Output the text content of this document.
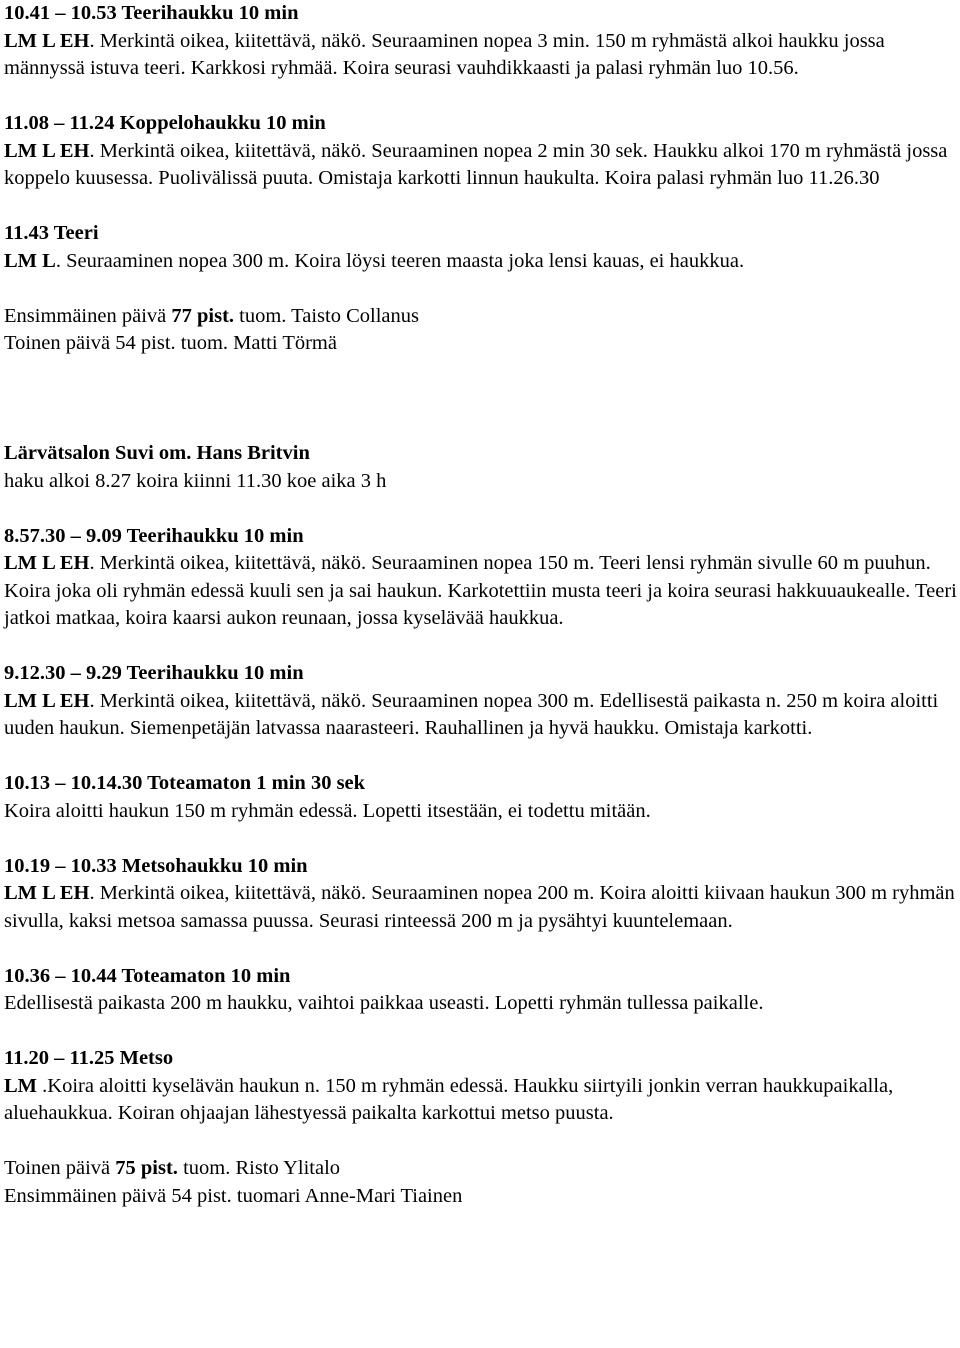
10.41 – 10.53 Teerihaukku 10 min

LM L EH. Merkintä oikea, kiitettävä, näkö. Seuraaminen nopea 3 min. 150 m ryhmästä alkoi haukku jossa männyssä istuva teeri. Karkkosi ryhmää. Koira seurasi vauhdikkaasti ja palasi ryhmän luo 10.56.

11.08 – 11.24 Koppelohaukku 10 min

LM L EH. Merkintä oikea, kiitettävä, näkö. Seuraaminen nopea 2 min 30 sek. Haukku alkoi 170 m ryhmästä jossa koppelo kuusessa. Puolivälissä puuta. Omistaja karkotti linnun haukulta. Koira palasi ryhmän luo 11.26.30

11.43 Teeri

LM L. Seuraaminen nopea 300 m. Koira löysi teeren maasta joka lensi kauas, ei haukkua.

Ensimmäinen päivä 77 pist. tuom. Taisto Collanus

Toinen päivä 54 pist. tuom. Matti Törmä

Lärvätsalon Suvi om. Hans Britvin

haku alkoi 8.27 koira kiinni 11.30 koe aika 3 h

8.57.30 – 9.09 Teerihaukku 10 min

LM L EH. Merkintä oikea, kiitettävä, näkö. Seuraaminen nopea 150 m. Teeri lensi ryhmän sivulle 60 m puuhun. Koira joka oli ryhmän edessä kuuli sen ja sai haukun. Karkotettiin musta teeri ja koira seurasi hakkuuaukealle. Teeri jatkoi matkaa, koira kaarsi aukon reunaan, jossa kyselävää haukkua.

9.12.30 – 9.29 Teerihaukku 10 min

LM L EH. Merkintä oikea, kiitettävä, näkö. Seuraaminen nopea 300 m. Edellisestä paikasta n. 250 m koira aloitti uuden haukun. Siemenpetäjän latvassa naarasteeri. Rauhallinen ja hyvä haukku. Omistaja karkotti.

10.13 – 10.14.30 Toteamaton 1 min 30 sek

Koira aloitti haukun 150 m ryhmän edessä. Lopetti itsestään, ei todettu mitään.

10.19 – 10.33 Metsohaukku 10 min

LM L EH. Merkintä oikea, kiitettävä, näkö. Seuraaminen nopea 200 m. Koira aloitti kiivaan haukun 300 m ryhmän sivulla, kaksi metsoa samassa puussa. Seurasi rinteessä 200 m ja pysähtyi kuuntelemaan.

10.36 – 10.44 Toteamaton 10 min

Edellisestä paikasta 200 m haukku, vaihtoi paikkaa useasti. Lopetti ryhmän tullessa paikalle.

11.20 – 11.25 Metso

LM .Koira aloitti kyselävän haukun n. 150 m ryhmän edessä. Haukku siirtyili jonkin verran haukkupaikalla, aluehaukkua. Koiran ohjaajan lähestyessä paikalta karkottui metso puusta.

Toinen päivä 75 pist. tuom. Risto Ylitalo

Ensimmäinen päivä 54 pist. tuomari Anne-Mari Tiainen
